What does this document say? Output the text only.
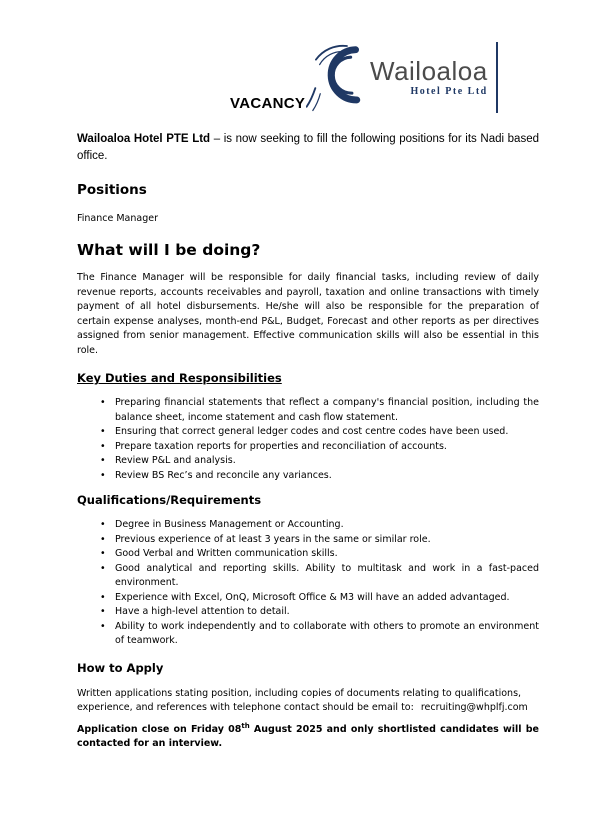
Wailoaloa
Hotel Pte Ltd
VACANCY

Wailoaloa Hotel PTE Ltd – is now seeking to fill the following positions for its Nadi based office.

Positions

Finance Manager

What will I be doing?

The Finance Manager will be responsible for daily financial tasks, including review of daily revenue reports, accounts receivables and payroll, taxation and online transactions with timely payment of all hotel disbursements. He/she will also be responsible for the preparation of certain expense analyses, month-end P&L, Budget, Forecast and other reports as per directives assigned from senior management. Effective communication skills will also be essential in this role.

Key Duties and Responsibilities
• Preparing financial statements that reflect a company's financial position, including the balance sheet, income statement and cash flow statement.
• Ensuring that correct general ledger codes and cost centre codes have been used.
• Prepare taxation reports for properties and reconciliation of accounts.
• Review P&L and analysis.
• Review BS Rec’s and reconcile any variances.
Qualifications/Requirements
• Degree in Business Management or Accounting.
• Previous experience of at least 3 years in the same or similar role.
• Good Verbal and Written communication skills.
• Good analytical and reporting skills. Ability to multitask and work in a fast-paced environment.
• Experience with Excel, OnQ, Microsoft Office & M3 will have an added advantaged.
• Have a high-level attention to detail.
• Ability to work independently and to collaborate with others to promote an environment of teamwork.
How to Apply

Written applications stating position, including copies of documents relating to qualifications, experience, and references with telephone contact should be email to: recruiting@whplfj.com

Application close on Friday 08th August 2025 and only shortlisted candidates will be contacted for an interview.
